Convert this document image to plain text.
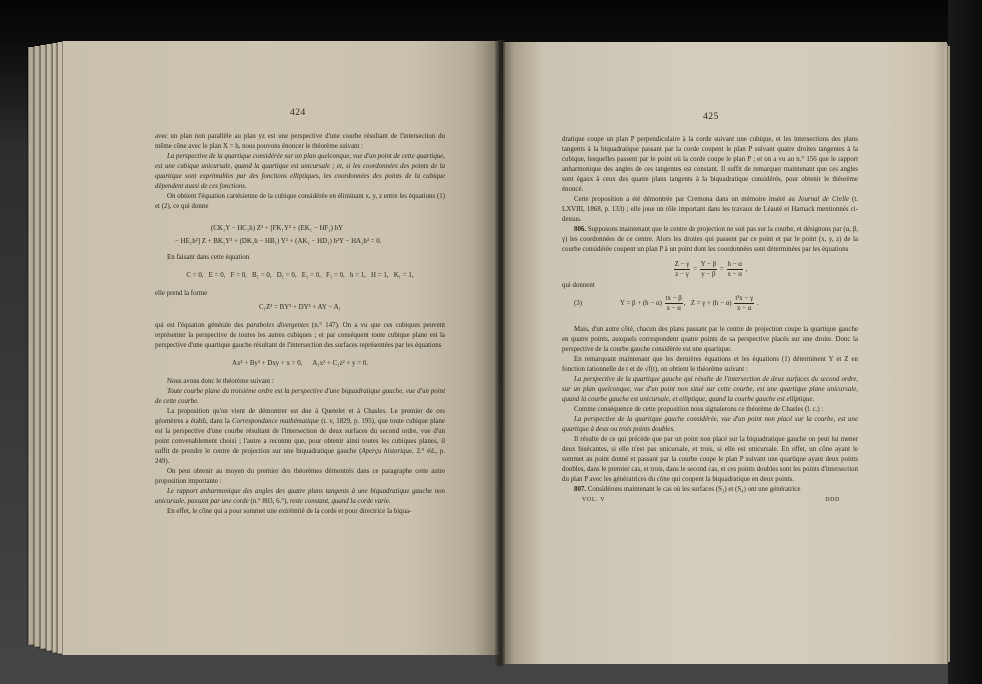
424	425

avec un plan non parallèle au plan yz est une perspective d'une courbe résultant de l'intersection du même cône avec le plan X = h, nous pouvons énoncer le théorème suivant :

La perspective de la quartique considérée sur un plan quelconque, vue d'un point de cette quartique, est une cubique unicursale, quand la quartique est unicursale ; et, si les coordonnées des points de la quartique sont exprimables par des fonctions elliptiques, les coordonnées des points de la cubique dépendent aussi de ces fonctions.

On obtient l'équation cartésienne de la cubique considérée en éliminant x, y, z entre les équations (1) et (2), ce qui donne

(CK₁Y − HC₁h) Z² + [FK₁Y² + (EK₁ − HF₁) hY
− HE₁h²] Z + BK₁Y³ + (DK₁h − HB₁) Y² + (AK₁ − HD₁) h²Y − HA₁h³ = 0.

En faisant dans cette équation

C = 0,   E = 0,   F = 0,   B₁ = 0,   D₁ = 0,   E₁ = 0,   F₁ = 0,   h = 1,   H = 1,   K₁ = 1,

elle prend la forme

C₁Z² = BY³ + DY² + AY − A₁

qui est l'équation générale des paraboles divergentes (n.° 147). On a vu que ces cubiques peuvent représenter la perspective de toutes les autres cubiques ; et par conséquent toute cubique plane est la perspective d'une quartique gauche résultant de l'intersection des surfaces représentées par les équations

Ax² + By² + Dxy + x = 0,      A₁x² + C₁z² + y = 0.

Nous avons donc le théorème suivant :

Toute courbe plane du troisième ordre est la perspective d'une biquadratique gauche, vue d'un point de cette courbe.

La proposition qu'on vient de démontrer est due à Quetelet et à Chasles. Le premier de ces géomètres a établi, dans la Correspondance mathématique (t. v, 1829, p. 195), que toute cubique plane est la perspective d'une courbe résultant de l'intersection de deux surfaces du second ordre, vue d'un point convenablement choisi ; l'autre a reconnu que, pour obtenir ainsi toutes les cubiques planes, il suffit de prendre le centre de projection sur une biquadratique gauche (Aperçu historique, 2.° éd., p. 249).

On peut obtenir au moyen du premier des théorèmes démontrés dans ce paragraphe cette autre proposition importante :

Le rapport anharmonique des angles des quatre plans tangents à une biquadratique gauche non unicursale, passant par une corde (n.° 803, 6.°), reste constant, quand la corde varie.

En effet, le cône qui a pour sommet une extrémité de la corde et pour directrice la biqua-

dratique coupe un plan P perpendiculaire à la corde suivant une cubique, et les intersections des plans tangents à la biquadratique passant par la corde coupent le plan P suivant quatre droites tangentes à la cubique, lesquelles passent par le point où la corde coupe le plan P ; et on a vu au n.° 156 que le rapport anharmonique des angles de ces tangentes est constant. Il suffit de remarquer maintenant que ces angles sont égaux à ceux des quatre plans tangents à la biquadratique considérés, pour obtenir le théorème énoncé.

Cette proposition a été démontrée par Cremona dans un mémoire inséré au Journal de Crelle (t. LXVIII, 1868, p. 133) ; elle joue un rôle important dans les travaux de Léauté et Harnack mentionnés ci-dessus.

806. Supposons maintenant que le centre de projection ne soit pas sur la courbe, et désignons par (α, β, γ) les coordonnées de ce centre. Alors les droites qui passent par ce point et par le point (x, y, z) de la courbe considérée coupent un plan P à un point dont les coordonnées sont déterminées par les équations

$\frac{Z - \gamma}{z - \gamma} = \frac{Y - \beta}{y - \beta} = \frac{h - \alpha}{x - \alpha}$ ,

qui donnent

(3)	$Y = \beta + (h - \alpha) \frac{tx - \beta}{x - \alpha}$ ,   $Z = \gamma + (h - \alpha) \frac{\text{t²x − γ}}{x - \alpha}$ .

Mais, d'un autre côté, chacun des plans passant par le centre de projection coupe la quartique gauche en quatre points, auxquels correspondent quatre points de sa perspective placés sur une droite. Donc la perspective de la courbe gauche considérée est une quartique.

En remarquant maintenant que les dernières équations et les équations (1) déterminent Y et Z en fonction rationnelle de t et de √f(t), on obtient le théorème suivant :

La perspective de la quartique gauche qui résulte de l'intersection de deux surfaces du second ordre, sur un plan quelconque, vue d'un point non situé sur cette courbe, est une quartique plane unicursale, quand la courbe gauche est unicursale, et elliptique, quand la courbe gauche est elliptique.

Comme conséquence de cette proposition nous signalerons ce théorème de Chasles (l. c.) :

La perspective de la quartique gauche considérée, vue d'un point non placé sur la courbe, est une quartique à deux ou trois points doubles.

Il résulte de ce qui précède que par un point non placé sur la biquadratique gauche on peut lui mener deux bisécantes, si elle n'est pas unicursale, et trois, si elle est unicursale. En effet, un cône ayant le sommet au point donné et passant par la courbe coupe le plan P suivant une quartique ayant deux points doubles, dans le premier cas, et trois, dans le second cas, et ces points doubles sont les points d'intersection du plan P avec les génératrices du cône qui coupent la biquadratique en deux points.

807. Considérons maintenant le cas où les surfaces (S₃) et (S₄) ont une génératrice

VOL. V	DDD
